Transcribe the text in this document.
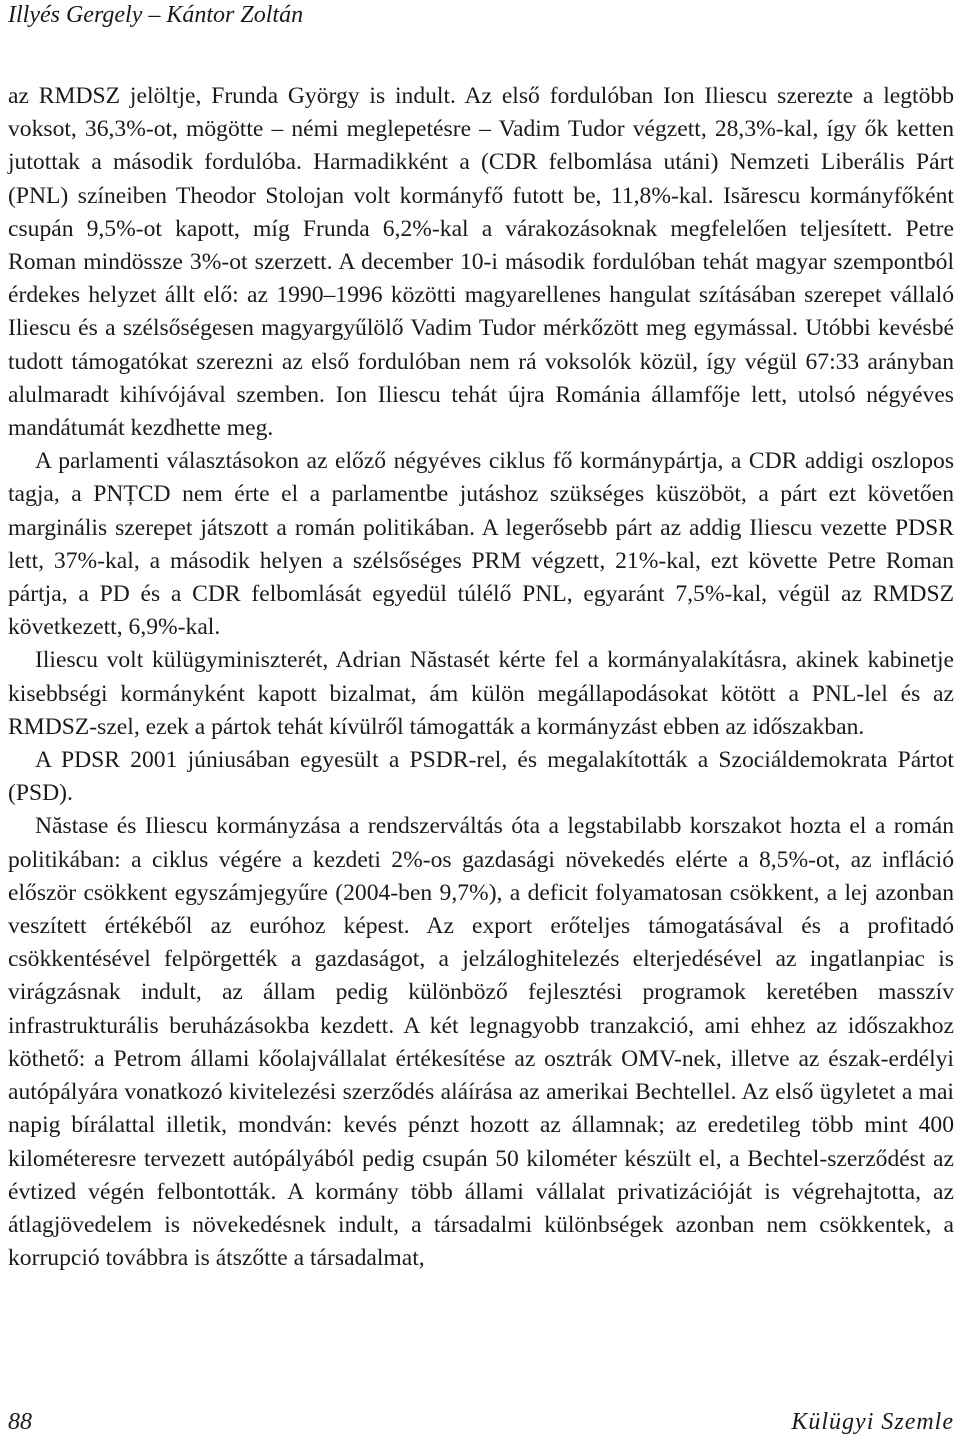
Illyés Gergely – Kántor Zoltán

az RMDSZ jelöltje, Frunda György is indult. Az első fordulóban Ion Iliescu szerezte a legtöbb voksot, 36,3%-ot, mögötte – némi meglepetésre – Vadim Tudor végzett, 28,3%-kal, így ők ketten jutottak a második fordulóba. Harmadikként a (CDR felbomlása utáni) Nemzeti Liberális Párt (PNL) színeiben Theodor Stolojan volt kormányfő futott be, 11,8%-kal. Isărescu kormányfőként csupán 9,5%-ot kapott, míg Frunda 6,2%-kal a várakozásoknak megfelelően teljesített. Petre Roman mindössze 3%-ot szerzett. A december 10-i második fordulóban tehát magyar szempontból érdekes helyzet állt elő: az 1990–1996 közötti magyarellenes hangulat szításában szerepet vállaló Iliescu és a szélsőségesen magyargyűlölő Vadim Tudor mérkőzött meg egymással. Utóbbi kevésbé tudott támogatókat szerezni az első fordulóban nem rá voksolók közül, így végül 67:33 arányban alulmaradt kihívójával szemben. Ion Iliescu tehát újra Románia államfője lett, utolsó négyéves mandátumát kezdhette meg.

A parlamenti választásokon az előző négyéves ciklus fő kormánypártja, a CDR addigi oszlopos tagja, a PNȚCD nem érte el a parlamentbe jutáshoz szükséges küszöböt, a párt ezt követően marginális szerepet játszott a román politikában. A legerősebb párt az addig Iliescu vezette PDSR lett, 37%-kal, a második helyen a szélsőséges PRM végzett, 21%-kal, ezt követte Petre Roman pártja, a PD és a CDR felbomlását egyedül túlélő PNL, egyaránt 7,5%-kal, végül az RMDSZ következett, 6,9%-kal.

Iliescu volt külügyminiszterét, Adrian Năstasét kérte fel a kormányalakításra, akinek kabinetje kisebbségi kormányként kapott bizalmat, ám külön megállapodásokat kötött a PNL-lel és az RMDSZ-szel, ezek a pártok tehát kívülről támogatták a kormányzást ebben az időszakban.

A PDSR 2001 júniusában egyesült a PSDR-rel, és megalakították a Szociáldemokrata Pártot (PSD).

Năstase és Iliescu kormányzása a rendszerváltás óta a legstabilabb korszakot hozta el a román politikában: a ciklus végére a kezdeti 2%-os gazdasági növekedés elérte a 8,5%-ot, az infláció először csökkent egyszámjegyűre (2004-ben 9,7%), a deficit folyamatosan csökkent, a lej azonban veszített értékéből az euróhoz képest. Az export erőteljes támogatásával és a profitadó csökkentésével felpörgették a gazdaságot, a jelzáloghitelezés elterjedésével az ingatlanpiac is virágzásnak indult, az állam pedig különböző fejlesztési programok keretében masszív infrastrukturális beruházásokba kezdett. A két legnagyobb tranzakció, ami ehhez az időszakhoz köthető: a Petrom állami kőolajvállalat értékesítése az osztrák OMV-nek, illetve az észak-erdélyi autópályára vonatkozó kivitelezési szerződés aláírása az amerikai Bechtellel. Az első ügyletet a mai napig bírálattal illetik, mondván: kevés pénzt hozott az államnak; az eredetileg több mint 400 kilométeresre tervezett autópályából pedig csupán 50 kilométer készült el, a Bechtel-szerződést az évtized végén felbontották. A kormány több állami vállalat privatizációját is végrehajtotta, az átlagjövedelem is növekedésnek indult, a társadalmi különbségek azonban nem csökkentek, a korrupció továbbra is átszőtte a társadalmat,

88	Külügyi Szemle
